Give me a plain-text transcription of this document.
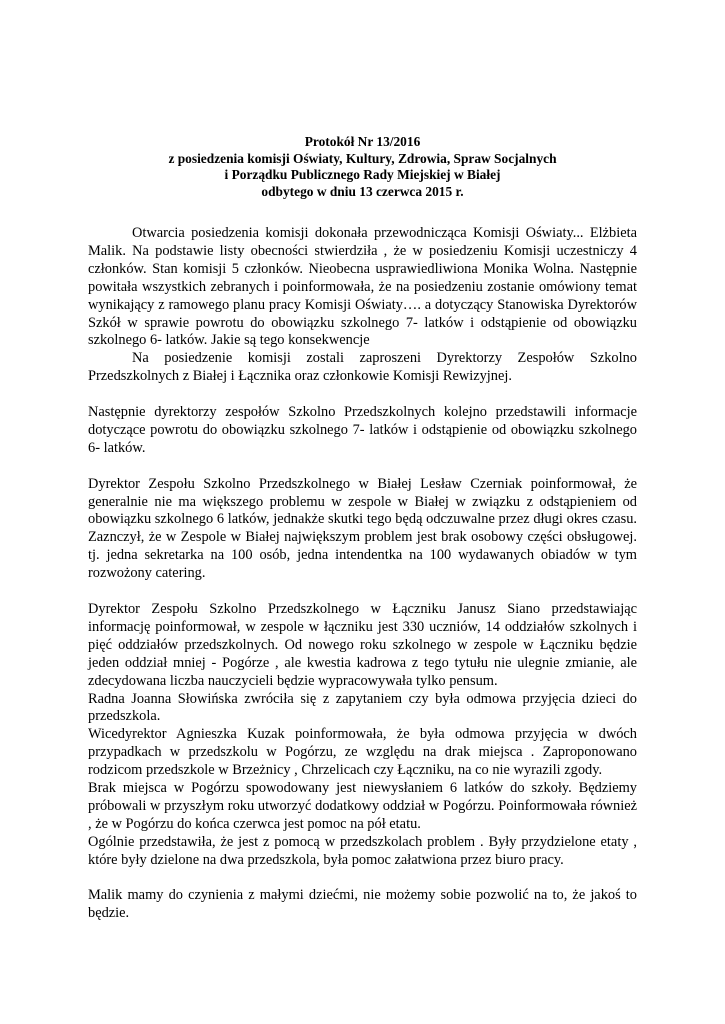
Protokół Nr 13/2016
z posiedzenia komisji Oświaty, Kultury, Zdrowia, Spraw Socjalnych
i Porządku Publicznego Rady Miejskiej w Białej
odbytego w dniu 13 czerwca 2015 r.

Otwarcia posiedzenia komisji dokonała przewodnicząca Komisji Oświaty... Elżbieta Malik. Na podstawie listy obecności stwierdziła , że w posiedzeniu Komisji uczestniczy 4 członków. Stan komisji 5 członków. Nieobecna usprawiedliwiona Monika Wolna. Następnie powitała wszystkich zebranych i poinformowała, że na posiedzeniu zostanie omówiony temat wynikający z ramowego planu pracy Komisji Oświaty…. a dotyczący Stanowiska Dyrektorów Szkół w sprawie powrotu do obowiązku szkolnego 7- latków i odstąpienie od obowiązku szkolnego 6- latków. Jakie są tego konsekwencje

Na posiedzenie komisji zostali zaproszeni Dyrektorzy Zespołów Szkolno Przedszkolnych z Białej i Łącznika oraz członkowie Komisji Rewizyjnej.

Następnie dyrektorzy zespołów Szkolno Przedszkolnych kolejno przedstawili informacje dotyczące powrotu do obowiązku szkolnego 7- latków i odstąpienie od obowiązku szkolnego 6- latków.

Dyrektor Zespołu Szkolno Przedszkolnego w Białej Lesław Czerniak poinformował, że generalnie nie ma większego problemu w zespole w Białej w związku z odstąpieniem od obowiązku szkolnego 6 latków, jednakże skutki tego będą odczuwalne przez długi okres czasu. Zaznczył, że w Zespole w Białej największym problem jest brak osobowy części obsługowej. tj. jedna sekretarka na 100 osób, jedna intendentka na 100 wydawanych obiadów w tym rozwożony catering.

Dyrektor Zespołu Szkolno Przedszkolnego w Łączniku Janusz Siano przedstawiając informację poinformował, w zespole w łączniku jest 330 uczniów, 14 oddziałów szkolnych i pięć oddziałów przedszkolnych. Od nowego roku szkolnego w zespole w Łączniku będzie jeden oddział mniej - Pogórze , ale kwestia kadrowa z tego tytułu nie ulegnie zmianie, ale zdecydowana liczba nauczycieli będzie wypracowywała tylko pensum.

Radna Joanna Słowińska zwróciła się z zapytaniem czy była odmowa przyjęcia dzieci do przedszkola.

Wicedyrektor Agnieszka Kuzak poinformowała, że była odmowa przyjęcia w dwóch przypadkach w przedszkolu w Pogórzu, ze względu na drak miejsca . Zaproponowano rodzicom przedszkole w Brzeżnicy , Chrzelicach czy Łączniku, na co nie wyrazili zgody.

Brak miejsca w Pogórzu spowodowany jest niewysłaniem 6 latków do szkoły. Będziemy próbowali w przyszłym roku utworzyć dodatkowy oddział w Pogórzu. Poinformowała również , że w Pogórzu do końca czerwca jest pomoc na pół etatu.

Ogólnie przedstawiła, że jest z pomocą w przedszkolach problem . Były przydzielone etaty , które były dzielone na dwa przedszkola, była pomoc załatwiona przez biuro pracy.

Malik mamy do czynienia z małymi dziećmi, nie możemy sobie pozwolić na to, że jakoś to będzie.
